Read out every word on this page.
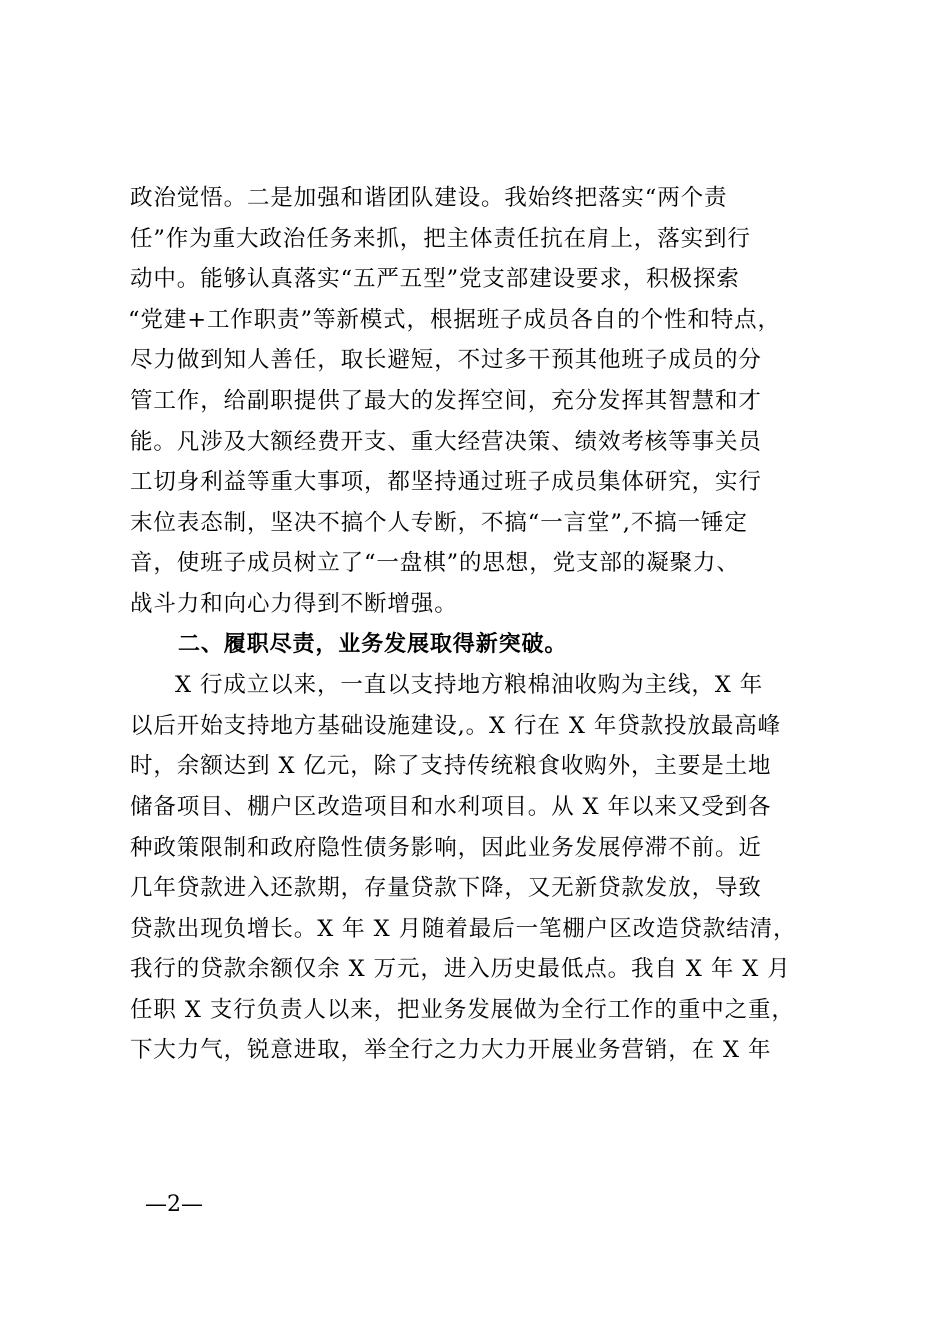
政治觉悟。二是加强和谐团队建设。我始终把落实“两个责
任”作为重大政治任务来抓，把主体责任抗在肩上，落实到行
动中。能够认真落实“五严五型”党支部建设要求，积极探索
“党建+工作职责”等新模式，根据班子成员各自的个性和特点，
尽力做到知人善任，取长避短，不过多干预其他班子成员的分
管工作，给副职提供了最大的发挥空间，充分发挥其智慧和才
能。凡涉及大额经费开支、重大经营决策、绩效考核等事关员
工切身利益等重大事项，都坚持通过班子成员集体研究，实行
末位表态制，坚决不搞个人专断，不搞“一言堂”,不搞一锤定
音，使班子成员树立了“一盘棋”的思想，党支部的凝聚力、
战斗力和向心力得到不断增强。
二、履职尽责，业务发展取得新突破。
X 行成立以来，一直以支持地方粮棉油收购为主线，X 年
以后开始支持地方基础设施建设,。X 行在 X 年贷款投放最高峰
时，余额达到 X 亿元，除了支持传统粮食收购外，主要是土地
储备项目、棚户区改造项目和水利项目。从 X 年以来又受到各
种政策限制和政府隐性债务影响，因此业务发展停滞不前。近
几年贷款进入还款期，存量贷款下降，又无新贷款发放，导致
贷款出现负增长。X 年 X 月随着最后一笔棚户区改造贷款结清，
我行的贷款余额仅余 X 万元，进入历史最低点。我自 X 年 X 月
任职 X 支行负责人以来，把业务发展做为全行工作的重中之重，
下大力气，锐意进取，举全行之力大力开展业务营销，在 X 年
—2—
